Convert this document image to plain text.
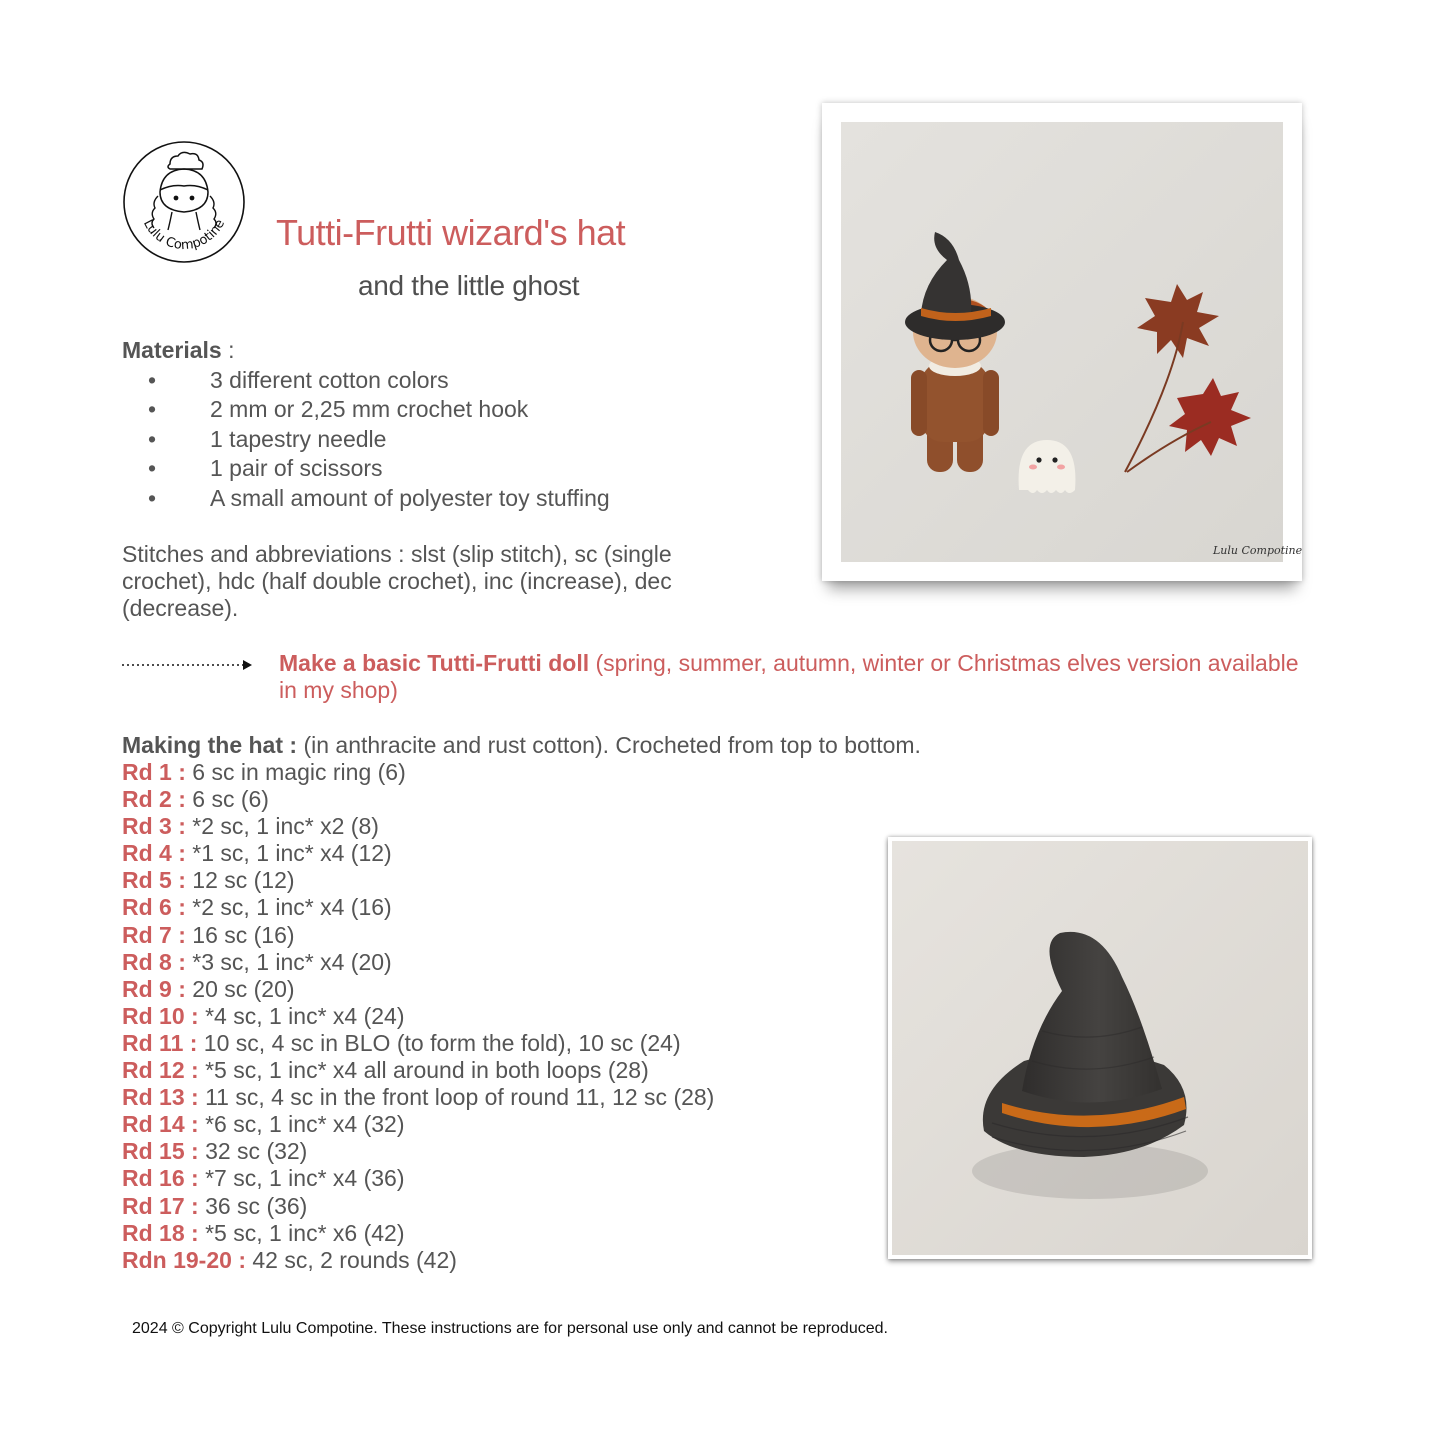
Lulu Compotine Tutti-Frutti wizard's hat
and the little ghost
Materials :
• 3 different cotton colors
• 2 mm or 2,25 mm crochet hook
• 1 tapestry needle
• 1 pair of scissors
• A small amount of polyester toy stuffing
Stitches and abbreviations : slst (slip stitch), sc (single crochet), hdc (half double crochet), inc (increase), dec (decrease).
Make a basic Tutti-Frutti doll (spring, summer, autumn, winter or Christmas elves version available in my shop)
Making the hat : (in anthracite and rust cotton). Crocheted from top to bottom.
Rd 1 : 6 sc in magic ring (6)
Rd 2 : 6 sc (6)
Rd 3 : *2 sc, 1 inc* x2 (8)
Rd 4 : *1 sc, 1 inc* x4 (12)
Rd 5 : 12 sc (12)
Rd 6 : *2 sc, 1 inc* x4 (16)
Rd 7 : 16 sc (16)
Rd 8 : *3 sc, 1 inc* x4 (20)
Rd 9 : 20 sc (20)
Rd 10 : *4 sc, 1 inc* x4 (24)
Rd 11 : 10 sc, 4 sc in BLO (to form the fold), 10 sc (24)
Rd 12 : *5 sc, 1 inc* x4 all around in both loops (28)
Rd 13 : 11 sc, 4 sc in the front loop of round 11, 12 sc (28)
Rd 14 : *6 sc, 1 inc* x4 (32)
Rd 15 : 32 sc (32)
Rd 16 : *7 sc, 1 inc* x4 (36)
Rd 17 : 36 sc (36)
Rd 18 : *5 sc, 1 inc* x6 (42)
Rdn 19-20 : 42 sc, 2 rounds (42)
Lulu Compotine
2024 © Copyright Lulu Compotine. These instructions are for personal use only and cannot be reproduced.
